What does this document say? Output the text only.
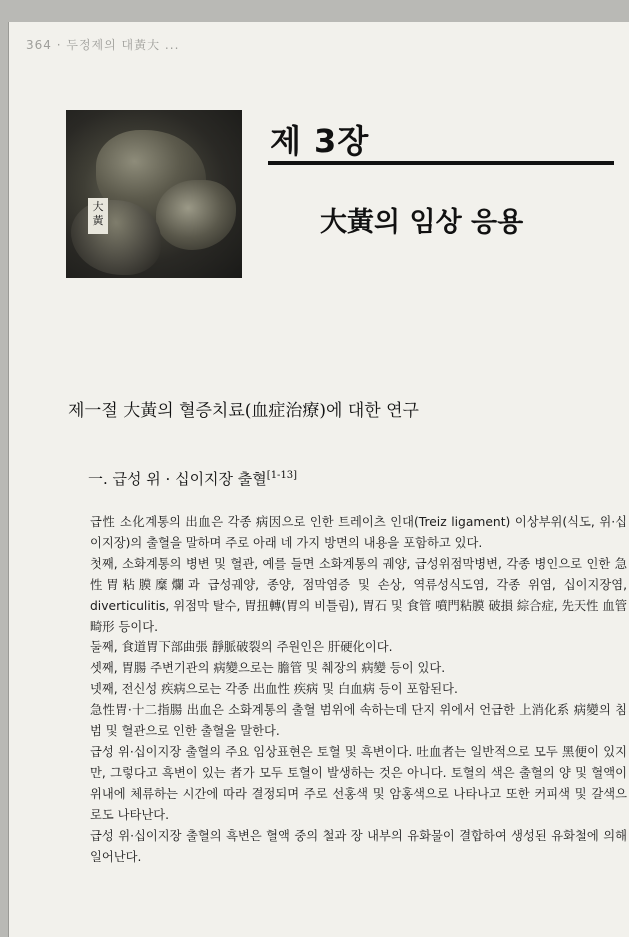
364 · 두정제의 대黃大 ...
大黃
제 3장
大黃의 임상 응용
제一절 大黃의 혈증치료(血症治療)에 대한 연구
一. 급성 위 · 십이지장 출혈[1-13]

급性 소化계통의 出血은 각종 病因으로 인한 트레이츠 인대(Treiz ligament) 이상부위(식도, 위·십이지장)의 출혈을 말하며 주로 아래 네 가지 방면의 내용을 포함하고 있다.

첫째, 소화계통의 병변 및 혈관, 예를 들면 소화계통의 궤양, 급성위점막병변, 각종 병인으로 인한 急性胃粘膜糜爛과 급성궤양, 종양, 점막염증 및 손상, 역류성식도염, 각종 위염, 십이지장염, diverticulitis, 위점막 탈수, 胃扭轉(胃의 비틀림), 胃石 및 食管 噴門粘膜 破損 綜合症, 先天性 血管畸形 등이다.

둘째, 食道胃下部曲張 靜脈破裂의 주원인은 肝硬化이다.

셋째, 胃腸 주변기관의 病變으로는 膽管 및 췌장의 病變 등이 있다.

넷째, 전신성 疾病으로는 각종 出血性 疾病 및 白血病 등이 포함된다.

急性胃·十二指腸 出血은 소화계통의 출혈 범위에 속하는데 단지 위에서 언급한 上消化系 病變의 침범 및 혈관으로 인한 출혈을 말한다.

급성 위·십이지장 출혈의 주요 임상표현은 토혈 및 흑변이다. 吐血者는 일반적으로 모두 黑便이 있지만, 그렇다고 흑변이 있는 者가 모두 토혈이 발생하는 것은 아니다. 토혈의 색은 출혈의 양 및 혈액이 위내에 체류하는 시간에 따라 결정되며 주로 선홍색 및 암홍색으로 나타나고 또한 커피색 및 갈색으로도 나타난다.

급성 위·십이지장 출혈의 흑변은 혈액 중의 철과 장 내부의 유화물이 결합하여 생성된 유화철에 의해 일어난다.
